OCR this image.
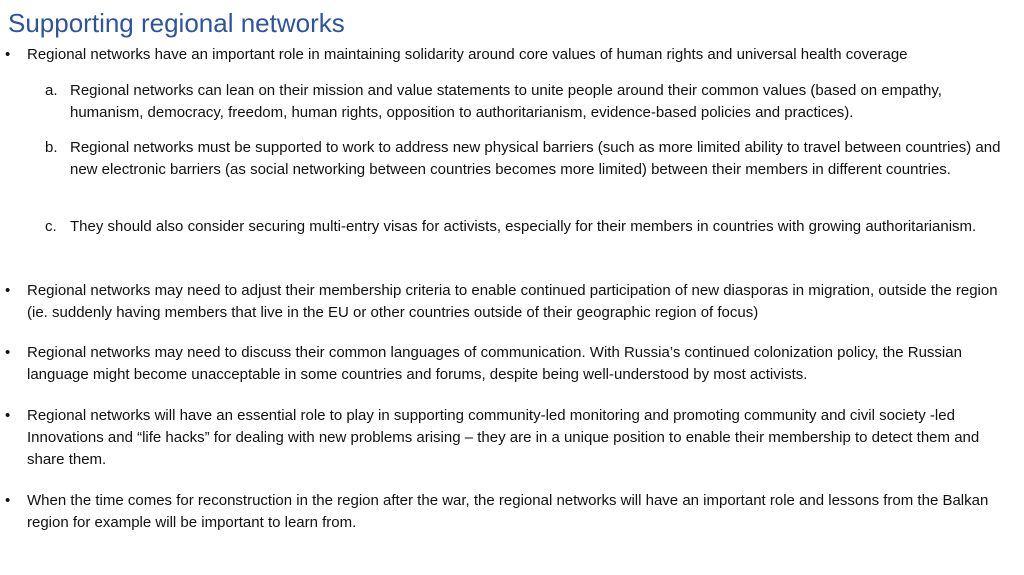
Supporting regional networks

• Regional networks have an important role in maintaining solidarity around core values of human rights and universal health coverage

a. Regional networks can lean on their mission and value statements to unite people around their common values (based on empathy, humanism, democracy, freedom, human rights, opposition to authoritarianism, evidence-based policies and practices).

b. Regional networks must be supported to work to address new physical barriers (such as more limited ability to travel between countries) and new electronic barriers (as social networking between countries becomes more limited) between their members in different countries.

c. They should also consider securing multi-entry visas for activists, especially for their members in countries with growing authoritarianism.

• Regional networks may need to adjust their membership criteria to enable continued participation of new diasporas in migration, outside the region (ie. suddenly having members that live in the EU or other countries outside of their geographic region of focus)

• Regional networks may need to discuss their common languages of communication. With Russia’s continued colonization policy, the Russian language might become unacceptable in some countries and forums, despite being well-understood by most activists.

• Regional networks will have an essential role to play in supporting community-led monitoring and promoting community and civil society -led Innovations and “life hacks” for dealing with new problems arising – they are in a unique position to enable their membership to detect them and share them.

• When the time comes for reconstruction in the region after the war, the regional networks will have an important role and lessons from the Balkan region for example will be important to learn from.
